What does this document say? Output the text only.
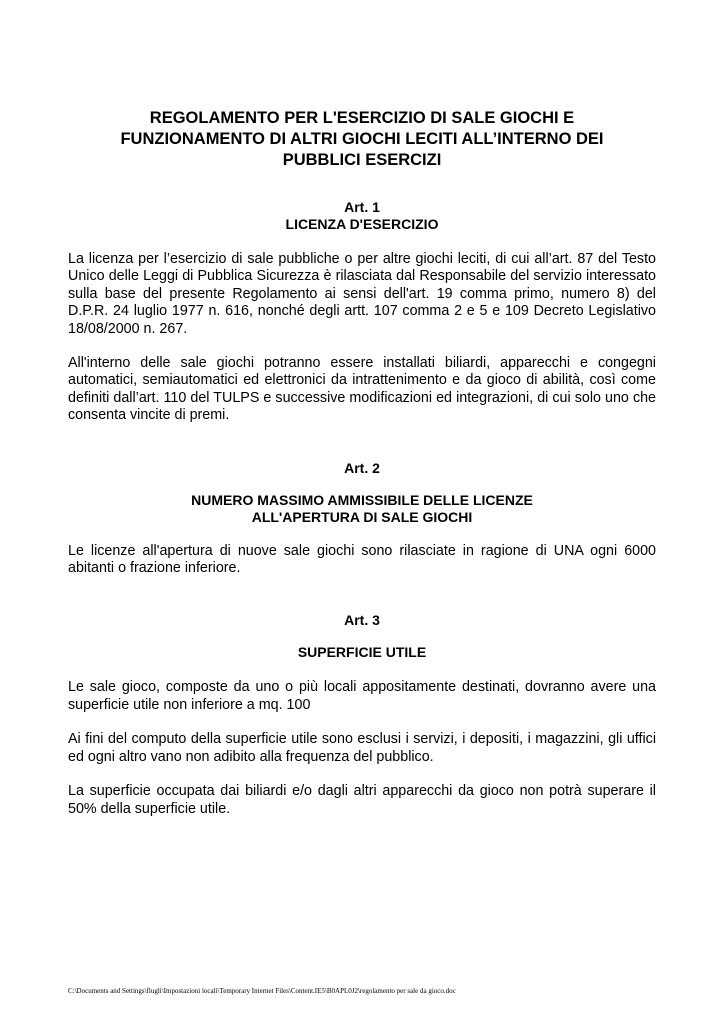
REGOLAMENTO PER L'ESERCIZIO DI SALE GIOCHI E
FUNZIONAMENTO DI ALTRI GIOCHI LECITI ALL’INTERNO DEI
PUBBLICI ESERCIZI
Art. 1
LICENZA D'ESERCIZIO

La licenza per l’esercizio di sale pubbliche o per altre giochi leciti, di cui all’art. 87 del Testo Unico delle Leggi di Pubblica Sicurezza è rilasciata dal Responsabile del servizio interessato sulla base del presente Regolamento ai sensi dell'art. 19 comma primo, numero 8) del D.P.R. 24 luglio 1977 n. 616, nonché degli artt. 107 comma 2 e 5 e 109 Decreto Legislativo 18/08/2000 n. 267.

All'interno delle sale giochi potranno essere installati biliardi, apparecchi e congegni automatici, semiautomatici ed elettronici da intrattenimento e da gioco di abilità, così come definiti dall’art. 110 del TULPS e successive modificazioni ed integrazioni, di cui solo uno che consenta vincite di premi.

Art. 2
NUMERO MASSIMO AMMISSIBILE DELLE LICENZE
ALL'APERTURA DI SALE GIOCHI

Le licenze all'apertura di nuove sale giochi sono rilasciate in ragione di UNA ogni 6000 abitanti o frazione inferiore.

Art. 3
SUPERFICIE UTILE

Le sale gioco, composte da uno o più locali appositamente destinati, dovranno avere una superficie utile non inferiore a mq. 100

Ai fini del computo della superficie utile sono esclusi i servizi, i depositi, i magazzini, gli uffici ed ogni altro vano non adibito alla frequenza del pubblico.

La superficie occupata dai biliardi e/o dagli altri apparecchi da gioco non potrà superare il 50% della superficie utile.

C:\Documents and Settings\flugli\Impostazioni locali\Temporary Internet Files\Content.IE5\B0APL0J2\regolamento per sale da gioco.doc
